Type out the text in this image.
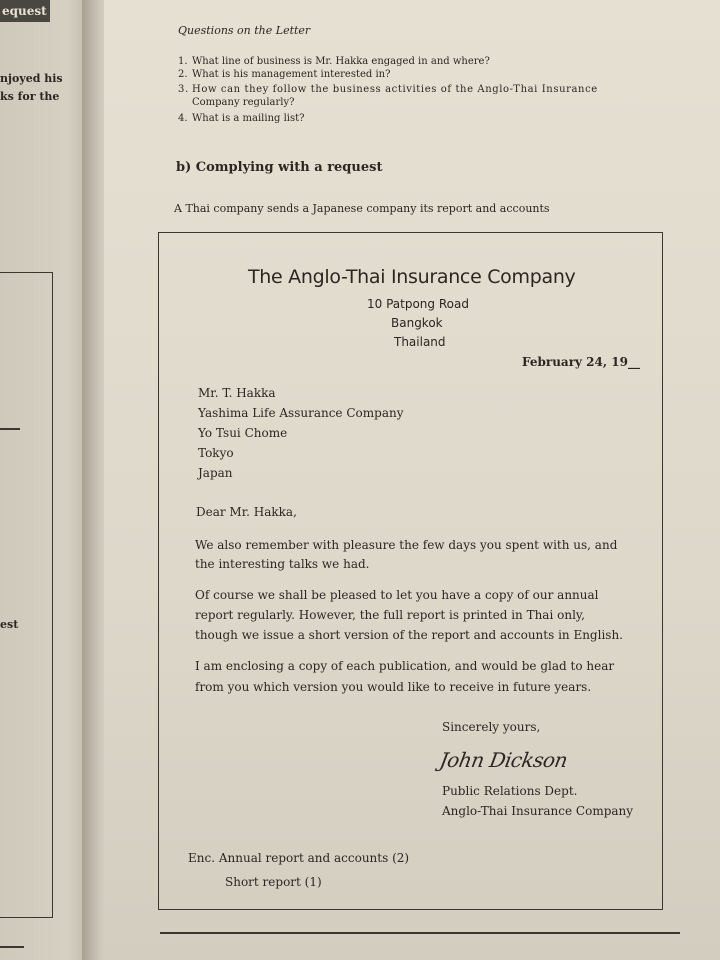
equest
njoyed his
ks for the
est
Questions on the Letter
1. What line of business is Mr. Hakka engaged in and where?
2. What is his management interested in?
3. How can they follow the business activities of the Anglo-Thai Insurance
Company regularly?
4. What is a mailing list?
b) Complying with a request
A Thai company sends a Japanese company its report and accounts
The Anglo-Thai Insurance Company
10 Patpong Road
Bangkok
Thailand
February 24, 19__
Mr. T. Hakka
Yashima Life Assurance Company
Yo Tsui Chome
Tokyo
Japan
Dear Mr. Hakka,
We also remember with pleasure the few days you spent with us, and
the interesting talks we had.
Of course we shall be pleased to let you have a copy of our annual
report regularly. However, the full report is printed in Thai only,
though we issue a short version of the report and accounts in English.
I am enclosing a copy of each publication, and would be glad to hear
from you which version you would like to receive in future years.
Sincerely yours,
John Dickson
Public Relations Dept.
Anglo-Thai Insurance Company
Enc. Annual report and accounts (2)
Short report (1)
